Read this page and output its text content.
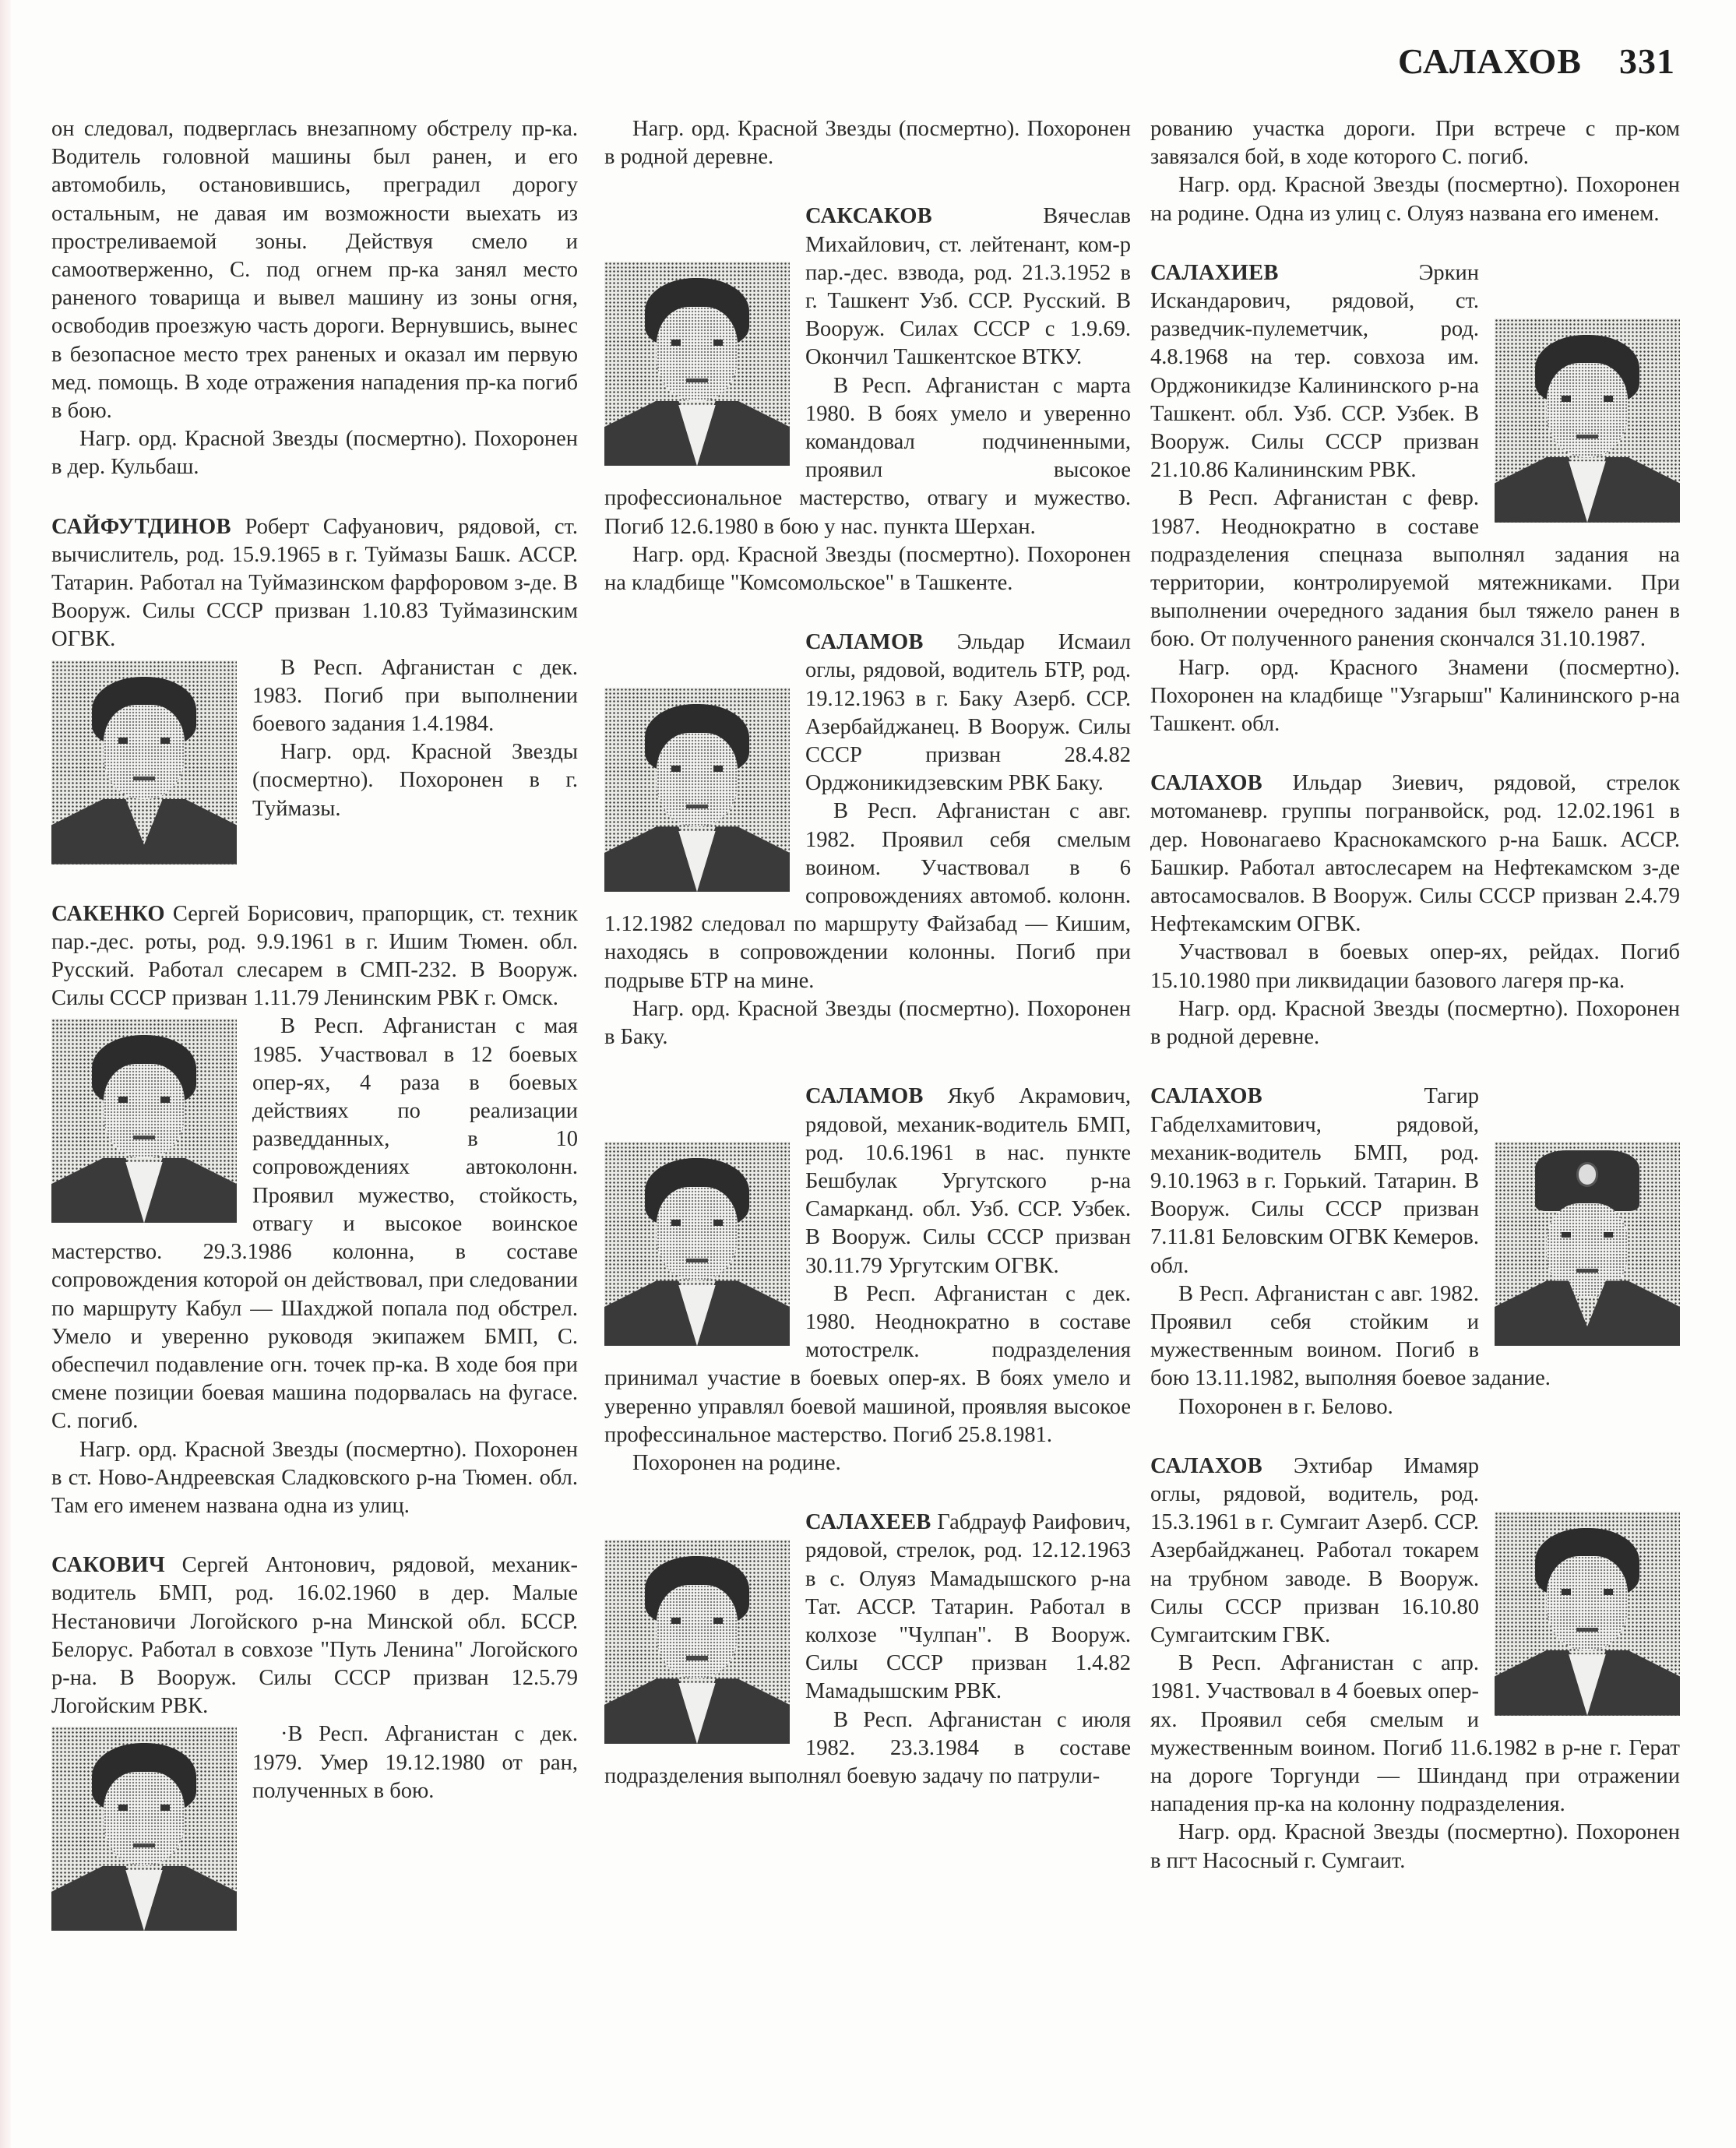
САЛАХОВ 331

он следовал, подверглась внезапному обстрелу пр-ка. Водитель головной машины был ранен, и его автомобиль, остановившись, преградил дорогу остальным, не давая им возможности выехать из простреливаемой зоны. Действуя смело и самоотверженно, С. под огнем пр-ка занял место раненого товарища и вывел машину из зоны огня, освободив проезжую часть дороги. Вернувшись, вынес в безопасное место трех раненых и оказал им первую мед. помощь. В ходе отражения нападения пр-ка погиб в бою.

Нагр. орд. Красной Звезды (посмертно). Похоронен в дер. Кульбаш.

САЙФУТДИНОВ Роберт Сафуанович, рядовой, ст. вычислитель, род. 15.9.1965 в г. Туймазы Башк. АССР. Татарин. Работал на Туймазинском фарфоровом з-де. В Вооруж. Силы СССР призван 1.10.83 Туймазинским ОГВК.

В Респ. Афганистан с дек. 1983. Погиб при выполнении боевого задания 1.4.1984.

Нагр. орд. Красной Звезды (посмертно). Похоронен в г. Туймазы.

САКЕНКО Сергей Борисович, прапорщик, ст. техник пар.-дес. роты, род. 9.9.1961 в г. Ишим Тюмен. обл. Русский. Работал слесарем в СМП-232. В Вооруж. Силы СССР призван 1.11.79 Ленинским РВК г. Омск.

В Респ. Афганистан с мая 1985. Участвовал в 12 боевых опер-ях, 4 раза в боевых действиях по реализации разведданных, в 10 сопровождениях автоколонн. Проявил мужество, стойкость, отвагу и высокое воинское мастерство. 29.3.1986 колонна, в составе сопровождения которой он действовал, при следовании по маршруту Кабул — Шахджой попала под обстрел. Умело и уверенно руководя экипажем БМП, С. обеспечил подавление огн. точек пр-ка. В ходе боя при смене позиции боевая машина подорвалась на фугасе. С. погиб.

Нагр. орд. Красной Звезды (посмертно). Похоронен в ст. Ново-Андреевская Сладковского р-на Тюмен. обл. Там его именем названа одна из улиц.

САКОВИЧ Сергей Антонович, рядовой, механик-водитель БМП, род. 16.02.1960 в дер. Малые Нестановичи Логойского р-на Минской обл. БССР. Белорус. Работал в совхозе "Путь Ленина" Логойского р-на. В Вооруж. Силы СССР призван 12.5.79 Логойским РВК.

·В Респ. Афганистан с дек. 1979. Умер 19.12.1980 от ран, полученных в бою.

Нагр. орд. Красной Звезды (посмертно). Похоронен в родной деревне.

САКСАКОВ	Вячеслав Михайлович, ст. лейтенант, ком-р пар.-дес. взвода, род. 21.3.1952 в г. Ташкент Узб. ССР. Русский. В Вооруж. Силах СССР с 1.9.69. Окончил Ташкентское ВТКУ.

В Респ. Афганистан с марта 1980. В боях умело и уверенно командовал подчиненными, проявил высокое профессиональное мастерство, отвагу и мужество. Погиб 12.6.1980 в бою у нас. пункта Шерхан.

Нагр. орд. Красной Звезды (посмертно). Похоронен на кладбище "Комсомольское" в Ташкенте.

САЛАМОВ Эльдар Исмаил оглы, рядовой, водитель БТР, род. 19.12.1963 в г. Баку Азерб. ССР. Азербайджанец. В Вооруж. Силы СССР призван 28.4.82 Орджоникидзевским РВК Баку.

В Респ. Афганистан с авг. 1982. Проявил себя смелым воином. Участвовал в 6 сопровождениях автомоб. колонн. 1.12.1982 следовал по маршруту Файзабад — Кишим, находясь в сопровождении колонны. Погиб при подрыве БТР на мине.

Нагр. орд. Красной Звезды (посмертно). Похоронен в Баку.

САЛАМОВ Якуб Акрамович, рядовой, механик-водитель БМП, род. 10.6.1961 в нас. пункте Бешбулак Ургутского р-на Самарканд. обл. Узб. ССР. Узбек. В Вооруж. Силы СССР призван 30.11.79 Ургутским ОГВК.

В Респ. Афганистан с дек. 1980. Неоднократно в составе мотострелк. подразделения принимал участие в боевых опер-ях. В боях умело и уверенно управлял боевой машиной, проявляя высокое профессинальное мастерство. Погиб 25.8.1981.

Похоронен на родине.

САЛАХЕЕВ Габдрауф Раифович, рядовой, стрелок, род. 12.12.1963 в с. Олуяз Мамадышского р-на Тат. АССР. Татарин. Работал в колхозе "Чулпан". В Вооруж. Силы СССР призван 1.4.82 Мамадышским РВК.

В Респ. Афганистан с июля 1982. 23.3.1984 в составе подразделения выполнял боевую задачу по патрули-

рованию участка дороги. При встрече с пр-ком завязался бой, в ходе которого С. погиб.

Нагр. орд. Красной Звезды (посмертно). Похоронен на родине. Одна из улиц с. Олуяз названа его именем.

САЛАХИЕВ	Эркин Искандарович, рядовой, ст. разведчик-пулеметчик, род. 4.8.1968 на тер. совхоза им. Орджоникидзе Калининского р-на Ташкент. обл. Узб. ССР. Узбек. В Вооруж. Силы СССР призван 21.10.86 Калининским РВК.

В Респ. Афганистан с февр. 1987. Неоднократно в составе подразделения спецназа выполнял задания на территории, контролируемой мятежниками. При выполнении очередного задания был тяжело ранен в бою. От полученного ранения скончался 31.10.1987.

Нагр. орд. Красного Знамени (посмертно). Похоронен на кладбище "Узгарыш" Калининского р-на Ташкент. обл.

САЛАХОВ Ильдар Зиевич, рядовой, стрелок мотоманевр. группы погранвойск, род. 12.02.1961 в дер. Новонагаево Краснокамского р-на Башк. АССР. Башкир. Работал автослесарем на Нефтекамском з-де автосамосвалов. В Вооруж. Силы СССР призван 2.4.79 Нефтекамским ОГВК.

Участвовал в боевых опер-ях, рейдах. Погиб 15.10.1980 при ликвидации базового лагеря пр-ка.

Нагр. орд. Красной Звезды (посмертно). Похоронен в родной деревне.

САЛАХОВ	Тагир Габделхамитович, рядовой, механик-водитель БМП, род. 9.10.1963 в г. Горький. Татарин. В Вооруж. Силы СССР призван 7.11.81 Беловским ОГВК Кемеров. обл.

В Респ. Афганистан с авг. 1982. Проявил себя стойким и мужественным воином. Погиб в бою 13.11.1982, выполняя боевое задание.

Похоронен в г. Белово.

САЛАХОВ Эхтибар Имамяр оглы, рядовой, водитель, род. 15.3.1961 в г. Сумгаит Азерб. ССР. Азербайджанец. Работал токарем на трубном заводе. В Вооруж. Силы СССР призван 16.10.80 Сумгаитским ГВК.

В Респ. Афганистан с апр. 1981. Участвовал в 4 боевых опер-ях. Проявил себя смелым и мужественным воином. Погиб 11.6.1982 в р-не г. Герат на дороге Торгунди — Шинданд при отражении нападения пр-ка на колонну подразделения.

Нагр. орд. Красной Звезды (посмертно). Похоронен в пгт Насосный г. Сумгаит.
